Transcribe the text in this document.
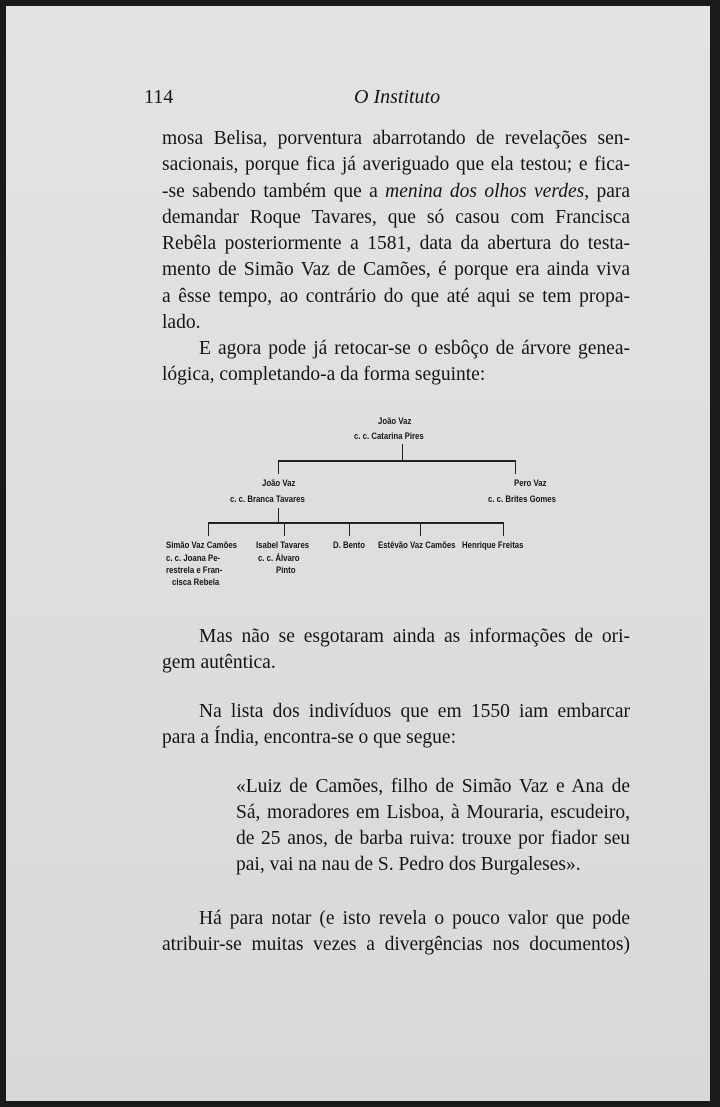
114	O Instituto
mosa Belisa, porventura abarrotando de revelações sen-
sacionais, porque fica já averiguado que ela testou; e fica-
-se sabendo também que a menina dos olhos verdes, para
demandar Roque Tavares, que só casou com Francisca
Rebêla posteriormente a 1581, data da abertura do testa-
mento de Simão Vaz de Camões, é porque era ainda viva
a êsse tempo, ao contrário do que até aqui se tem propa-
lado.
E agora pode já retocar-se o esbôço de árvore genea-
lógica, completando-a da forma seguinte:
João Vaz
c. c. Catarina Pires
João Vaz
c. c. Branca Tavares
Pero Vaz
c. c. Brites Gomes
Simão Vaz Camões
c. c. Joana Pe-
restrela e Fran-
cisca Rebela
Isabel Tavares
c. c. Álvaro
Pinto
D. Bento Estêvão Vaz Camões Henrique Freitas
Mas não se esgotaram ainda as informações de ori-
gem autêntica.
Na lista dos indivíduos que em 1550 iam embarcar
para a Índia, encontra-se o que segue:
«Luiz de Camões, filho de Simão Vaz e Ana de
Sá, moradores em Lisboa, à Mouraria, escudeiro,
de 25 anos, de barba ruiva: trouxe por fiador seu
pai, vai na nau de S. Pedro dos Burgaleses».
Há para notar (e isto revela o pouco valor que pode
atribuir-se muitas vezes a divergências nos documentos)
